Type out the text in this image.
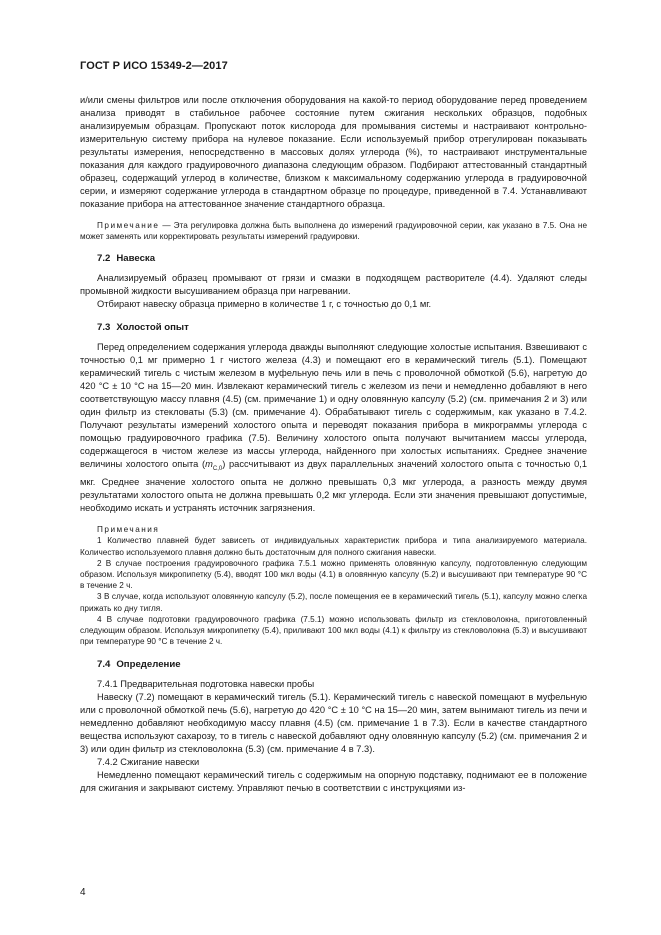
ГОСТ Р ИСО 15349-2—2017

и/или смены фильтров или после отключения оборудования на какой-то период оборудование перед проведением анализа приводят в стабильное рабочее состояние путем сжигания нескольких образцов, подобных анализируемым образцам. Пропускают поток кислорода для промывания системы и настраивают контрольно-измерительную систему прибора на нулевое показание. Если используемый прибор отрегулирован показывать результаты измерения, непосредственно в массовых долях углерода (%), то настраивают инструментальные показания для каждого градуировочного диапазона следующим образом. Подбирают аттестованный стандартный образец, содержащий углерод в количестве, близком к максимальному содержанию углерода в градуировочной серии, и измеряют содержание углерода в стандартном образце по процедуре, приведенной в 7.4. Устанавливают показание прибора на аттестованное значение стандартного образца.

Примечание — Эта регулировка должна быть выполнена до измерений градуировочной серии, как указано в 7.5. Она не может заменять или корректировать результаты измерений градуировки.

7.2 Навеска

Анализируемый образец промывают от грязи и смазки в подходящем растворителе (4.4). Удаляют следы промывной жидкости высушиванием образца при нагревании.

Отбирают навеску образца примерно в количестве 1 г, с точностью до 0,1 мг.

7.3 Холостой опыт

Перед определением содержания углерода дважды выполняют следующие холостые испытания. Взвешивают с точностью 0,1 мг примерно 1 г чистого железа (4.3) и помещают его в керамический тигель (5.1). Помещают керамический тигель с чистым железом в муфельную печь или в печь с проволочной обмоткой (5.6), нагретую до 420 °С ± 10 °С на 15—20 мин. Извлекают керамический тигель с железом из печи и немедленно добавляют в него соответствующую массу плавня (4.5) (см. примечание 1) и одну оловянную капсулу (5.2) (см. примечания 2 и 3) или один фильтр из стекловаты (5.3) (см. примечание 4). Обрабатывают тигель с содержимым, как указано в 7.4.2. Получают результаты измерений холостого опыта и переводят показания прибора в микрограммы углерода с помощью градуировочного графика (7.5). Величину холостого опыта получают вычитанием массы углерода, содержащегося в чистом железе из массы углерода, найденного при холостых испытаниях. Среднее значение величины холостого опыта $(m_{C,0})$ рассчитывают из двух параллельных значений холостого опыта с точностью 0,1 мкг. Среднее значение холостого опыта не должно превышать 0,3 мкг углерода, а разность между двумя результатами холостого опыта не должна превышать 0,2 мкг углерода. Если эти значения превышают допустимые, необходимо искать и устранять источник загрязнения.

Примечания

1 Количество плавней будет зависеть от индивидуальных характеристик прибора и типа анализируемого материала. Количество используемого плавня должно быть достаточным для полного сжигания навески.

2 В случае построения градуировочного графика 7.5.1 можно применять оловянную капсулу, подготовленную следующим образом. Используя микропипетку (5.4), вводят 100 мкл воды (4.1) в оловянную капсулу (5.2) и высушивают при температуре 90 °С в течение 2 ч.

3 В случае, когда используют оловянную капсулу (5.2), после помещения ее в керамический тигель (5.1), капсулу можно слегка прижать ко дну тигля.

4 В случае подготовки градуировочного графика (7.5.1) можно использовать фильтр из стекловолокна, приготовленный следующим образом. Используя микропипетку (5.4), приливают 100 мкл воды (4.1) к фильтру из стекловолокна (5.3) и высушивают при температуре 90 °С в течение 2 ч.

7.4 Определение

7.4.1 Предварительная подготовка навески пробы

Навеску (7.2) помещают в керамический тигель (5.1). Керамический тигель с навеской помещают в муфельную или с проволочной обмоткой печь (5.6), нагретую до 420 °С ± 10 °С на 15—20 мин, затем вынимают тигель из печи и немедленно добавляют необходимую массу плавня (4.5) (см. примечание 1 в 7.3). Если в качестве стандартного вещества используют сахарозу, то в тигель с навеской добавляют одну оловянную капсулу (5.2) (см. примечания 2 и 3) или один фильтр из стекловолокна (5.3) (см. примечание 4 в 7.3).

7.4.2 Сжигание навески

Немедленно помещают керамический тигель с содержимым на опорную подставку, поднимают ее в положение для сжигания и закрывают систему. Управляют печью в соответствии с инструкциями из-

4
